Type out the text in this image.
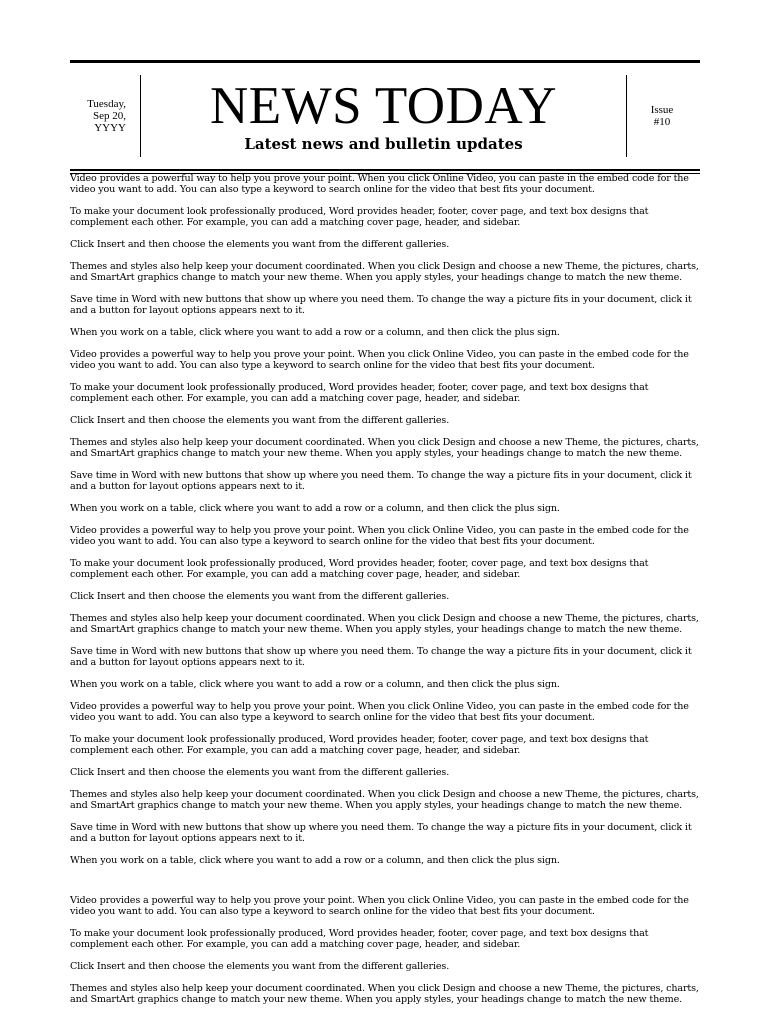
Tuesday,
Sep 20,
YYYY	NEWS TODAY
Latest news and bulletin updates
Issue
#10

Video provides a powerful way to help you prove your point. When you click Online Video, you can paste in the embed code for the video you want to add. You can also type a keyword to search online for the video that best fits your document.

To make your document look professionally produced, Word provides header, footer, cover page, and text box designs that complement each other. For example, you can add a matching cover page, header, and sidebar.

Click Insert and then choose the elements you want from the different galleries.

Themes and styles also help keep your document coordinated. When you click Design and choose a new Theme, the pictures, charts, and SmartArt graphics change to match your new theme. When you apply styles, your headings change to match the new theme.

Save time in Word with new buttons that show up where you need them. To change the way a picture fits in your document, click it and a button for layout options appears next to it.

When you work on a table, click where you want to add a row or a column, and then click the plus sign.

Video provides a powerful way to help you prove your point. When you click Online Video, you can paste in the embed code for the video you want to add. You can also type a keyword to search online for the video that best fits your document.

To make your document look professionally produced, Word provides header, footer, cover page, and text box designs that complement each other. For example, you can add a matching cover page, header, and sidebar.

Click Insert and then choose the elements you want from the different galleries.

Themes and styles also help keep your document coordinated. When you click Design and choose a new Theme, the pictures, charts, and SmartArt graphics change to match your new theme. When you apply styles, your headings change to match the new theme.

Save time in Word with new buttons that show up where you need them. To change the way a picture fits in your document, click it and a button for layout options appears next to it.

When you work on a table, click where you want to add a row or a column, and then click the plus sign.

Video provides a powerful way to help you prove your point. When you click Online Video, you can paste in the embed code for the video you want to add. You can also type a keyword to search online for the video that best fits your document.

To make your document look professionally produced, Word provides header, footer, cover page, and text box designs that complement each other. For example, you can add a matching cover page, header, and sidebar.

Click Insert and then choose the elements you want from the different galleries.

Themes and styles also help keep your document coordinated. When you click Design and choose a new Theme, the pictures, charts, and SmartArt graphics change to match your new theme. When you apply styles, your headings change to match the new theme.

Save time in Word with new buttons that show up where you need them. To change the way a picture fits in your document, click it and a button for layout options appears next to it.

When you work on a table, click where you want to add a row or a column, and then click the plus sign.

Video provides a powerful way to help you prove your point. When you click Online Video, you can paste in the embed code for the video you want to add. You can also type a keyword to search online for the video that best fits your document.

To make your document look professionally produced, Word provides header, footer, cover page, and text box designs that complement each other. For example, you can add a matching cover page, header, and sidebar.

Click Insert and then choose the elements you want from the different galleries.

Themes and styles also help keep your document coordinated. When you click Design and choose a new Theme, the pictures, charts, and SmartArt graphics change to match your new theme. When you apply styles, your headings change to match the new theme.

Save time in Word with new buttons that show up where you need them. To change the way a picture fits in your document, click it and a button for layout options appears next to it.

When you work on a table, click where you want to add a row or a column, and then click the plus sign.

Video provides a powerful way to help you prove your point. When you click Online Video, you can paste in the embed code for the video you want to add. You can also type a keyword to search online for the video that best fits your document.

To make your document look professionally produced, Word provides header, footer, cover page, and text box designs that complement each other. For example, you can add a matching cover page, header, and sidebar.

Click Insert and then choose the elements you want from the different galleries.

Themes and styles also help keep your document coordinated. When you click Design and choose a new Theme, the pictures, charts, and SmartArt graphics change to match your new theme. When you apply styles, your headings change to match the new theme.
